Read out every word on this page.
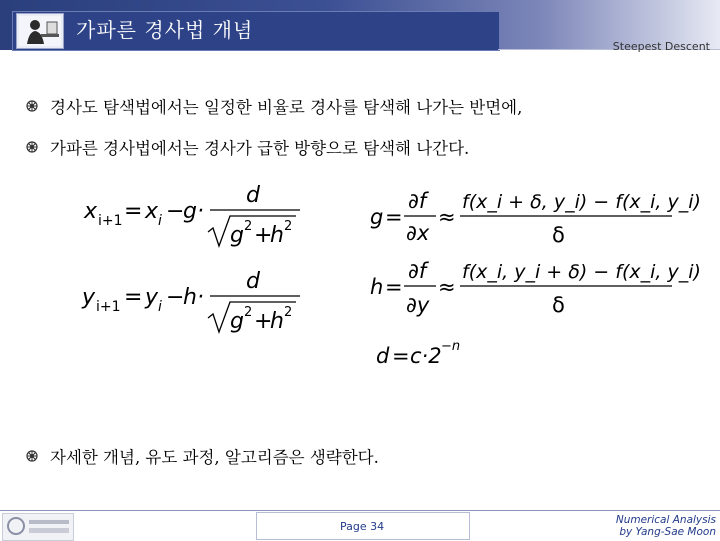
가파른 경사법 개념
Steepest Descent
경사도 탐색법에서는 일정한 비율로 경사를 탐색해 나가는 반면에,
가파른 경사법에서는 경사가 급한 방향으로 탐색해 나간다.
x i+1 = x i −
g·
d
g 2 +
h 2
y i+1 = y i −
h·
d
g 2 +
h 2
g =
∂f
∂x
≈
f(x_i + δ, y_i) − f(x_i, y_i)
δ
h =
∂f
∂y
≈
f(x_i, y_i + δ) − f(x_i, y_i)
δ
d = c·2 −n
자세한 개념, 유도 과정, 알고리즘은 생략한다.
Page 34	Numerical Analysis
by Yang-Sae Moon
